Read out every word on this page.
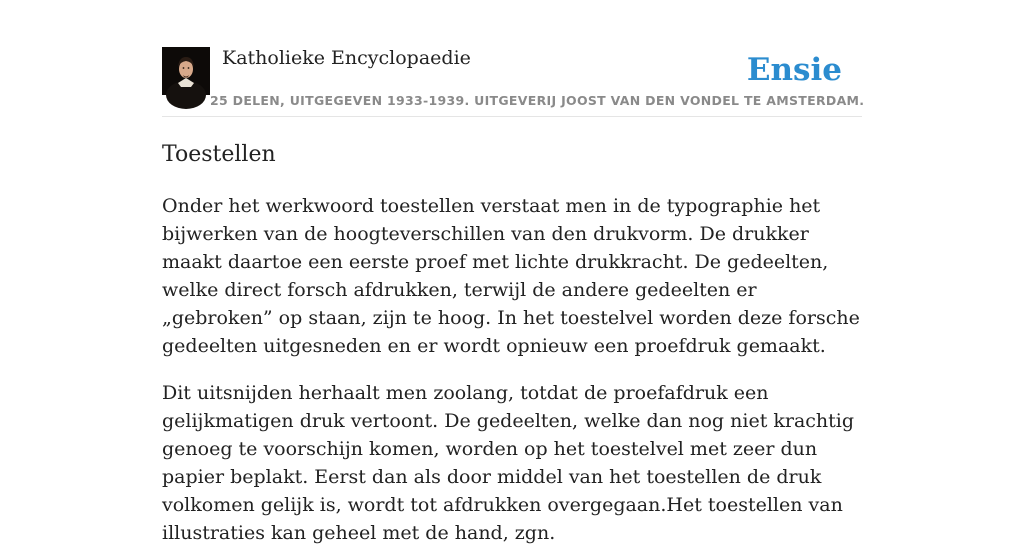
Katholieke Encyclopaedie
25 DELEN, UITGEGEVEN 1933-1939. UITGEVERIJ JOOST VAN DEN VONDEL TE AMSTERDAM.
Ensie
Toestellen

Onder het werkwoord toestellen verstaat men in de typographie het bijwerken van de hoogteverschillen van den drukvorm. De drukker maakt daartoe een eerste proef met lichte drukkracht. De gedeelten, welke direct forsch afdrukken, terwijl de andere gedeelten er „gebroken” op staan, zijn te hoog. In het toestelvel worden deze forsche gedeelten uitgesneden en er wordt opnieuw een proefdruk gemaakt.

Dit uitsnijden herhaalt men zoolang, totdat de proefafdruk een gelijkmatigen druk vertoont. De gedeelten, welke dan nog niet krachtig genoeg te voorschijn komen, worden op het toestelvel met zeer dun papier beplakt. Eerst dan als door middel van het toestellen de druk volkomen gelijk is, wordt tot afdrukken overgegaan.Het toestellen van illustraties kan geheel met de hand, zgn.
